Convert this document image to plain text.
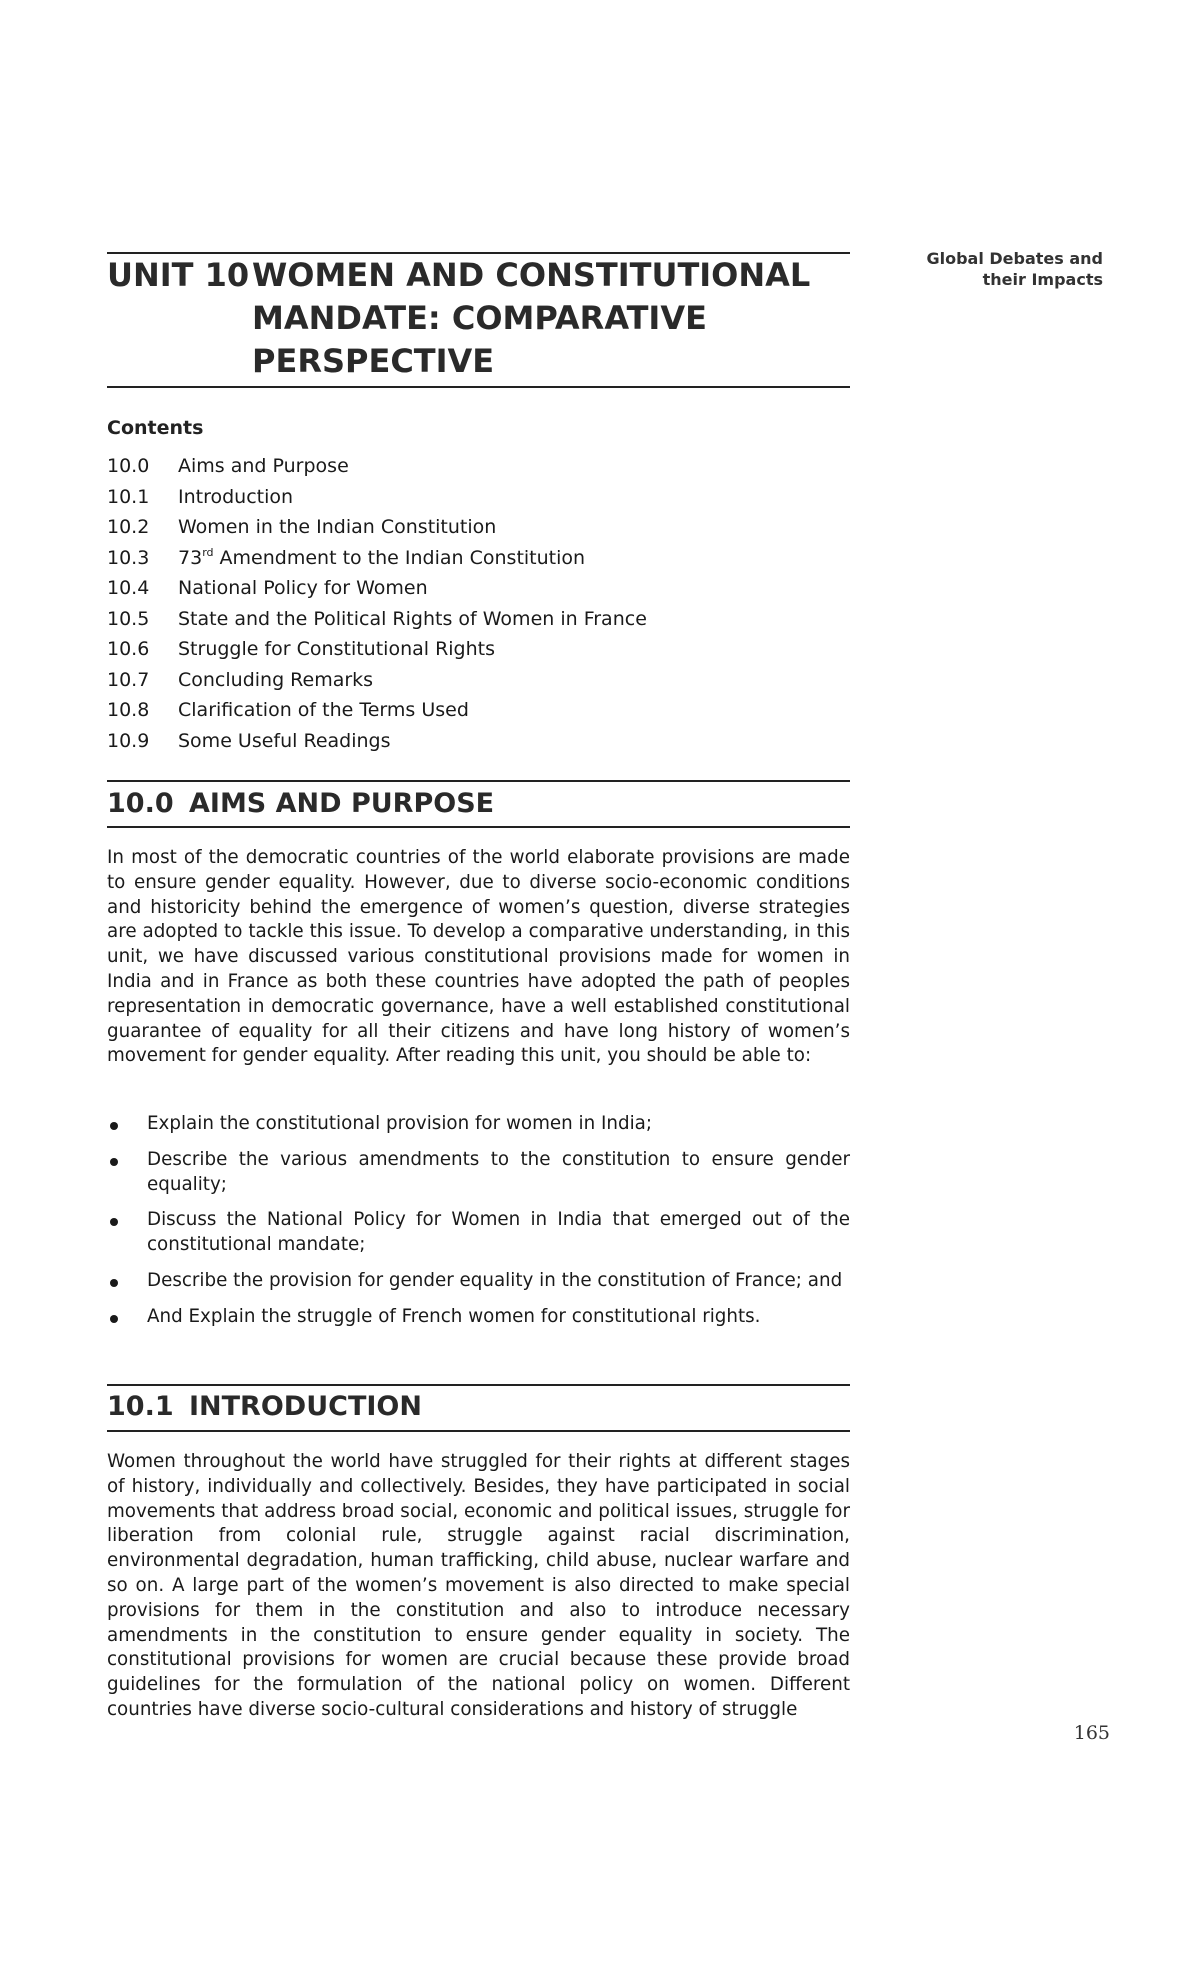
Global Debates and
their Impacts
UNIT 10 WOMEN AND CONSTITUTIONAL
MANDATE: COMPARATIVE
PERSPECTIVE
Contents
10.0 Aims and Purpose
10.1 Introduction
10.2 Women in the Indian Constitution
10.3 73rd Amendment to the Indian Constitution
10.4 National Policy for Women
10.5 State and the Political Rights of Women in France
10.6 Struggle for Constitutional Rights
10.7 Concluding Remarks
10.8 Clarification of the Terms Used
10.9 Some Useful Readings
10.0 AIMS AND PURPOSE

In most of the democratic countries of the world elaborate provisions are made to ensure gender equality. However, due to diverse socio-economic conditions and historicity behind the emergence of women’s question, diverse strategies are adopted to tackle this issue. To develop a comparative understanding, in this unit, we have discussed various constitutional provisions made for women in India and in France as both these countries have adopted the path of peoples representation in democratic governance, have a well established constitutional guarantee of equality for all their citizens and have long history of women’s movement for gender equality. After reading this unit, you should be able to:

Explain the constitutional provision for women in India;
Describe the various amendments to the constitution to ensure gender equality;
Discuss the National Policy for Women in India that emerged out of the constitutional mandate;
Describe the provision for gender equality in the constitution of France; and
And Explain the struggle of French women for constitutional rights.
10.1 INTRODUCTION

Women throughout the world have struggled for their rights at different stages of history, individually and collectively. Besides, they have participated in social movements that address broad social, economic and political issues, struggle for liberation from colonial rule, struggle against racial discrimination, environmental degradation, human trafficking, child abuse, nuclear warfare and so on. A large part of the women’s movement is also directed to make special provisions for them in the constitution and also to introduce necessary amendments in the constitution to ensure gender equality in society. The constitutional provisions for women are crucial because these provide broad guidelines for the formulation of the national policy on women. Different countries have diverse socio-cultural considerations and history of struggle

165
